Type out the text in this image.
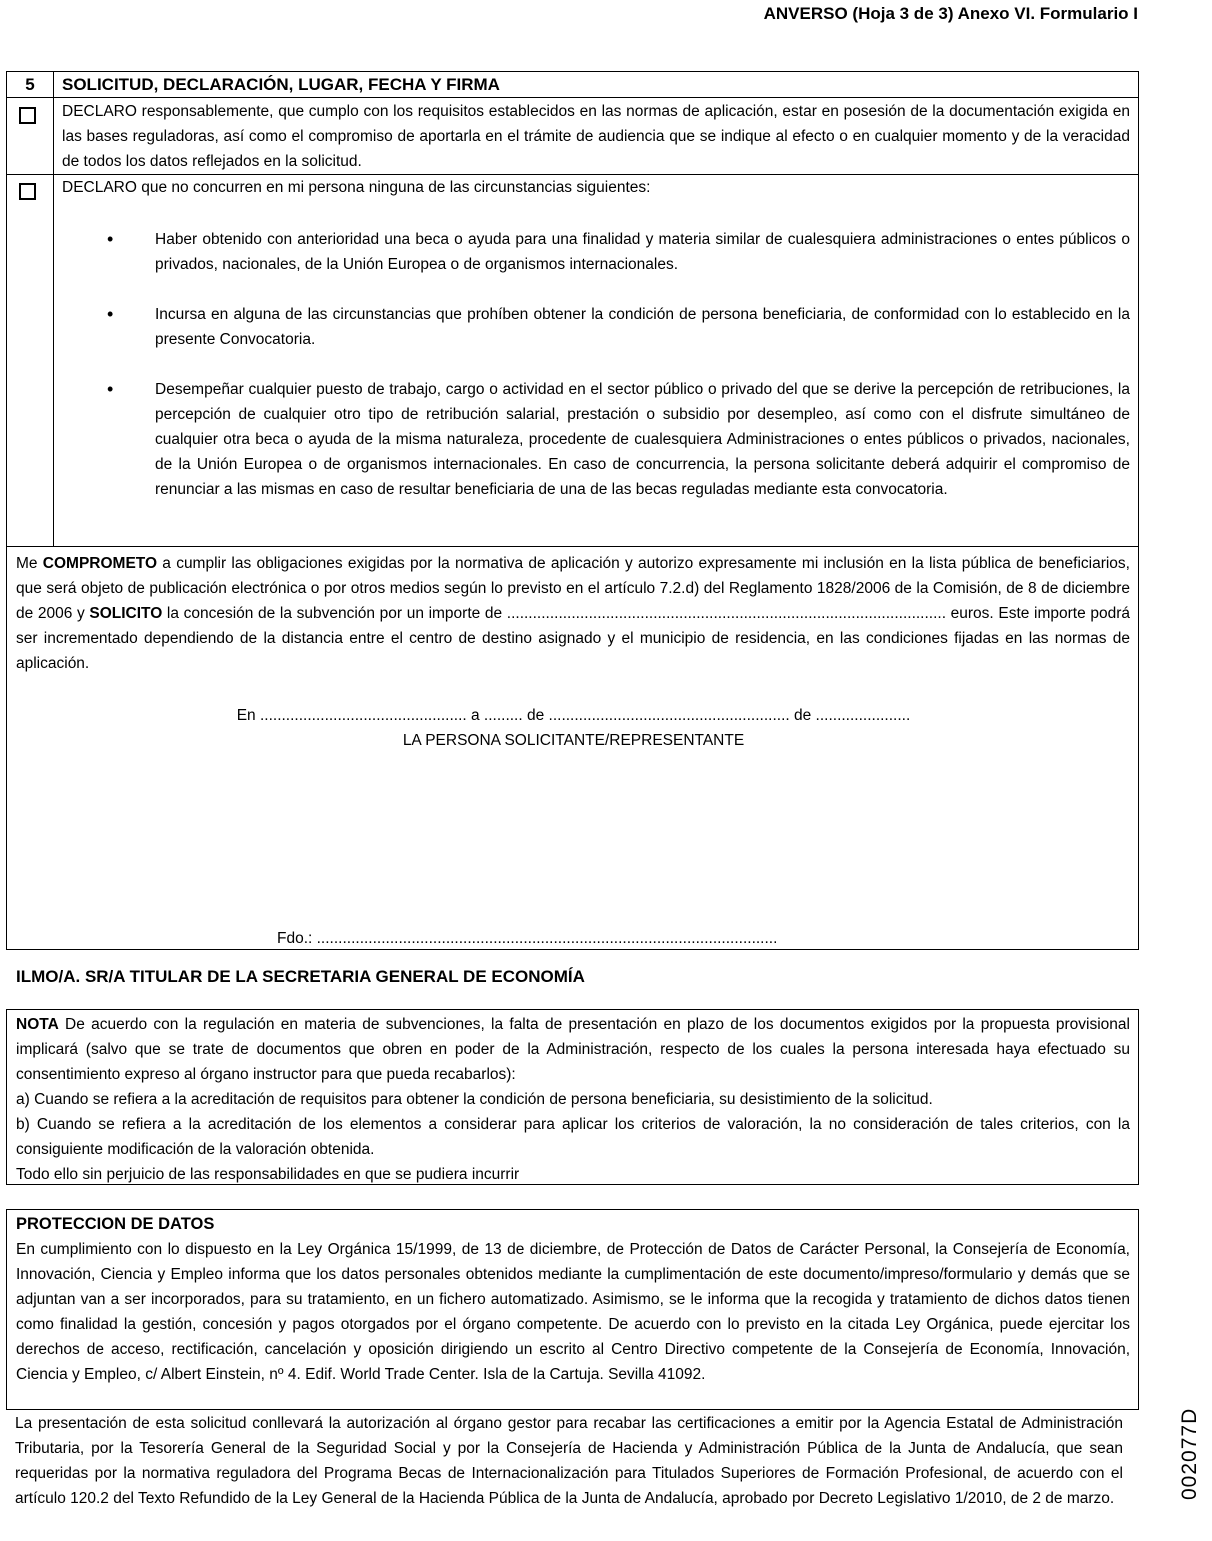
ANVERSO (Hoja 3 de 3) Anexo VI. Formulario I
5	SOLICITUD, DECLARACIÓN, LUGAR, FECHA Y FIRMA
DECLARO responsablemente, que cumplo con los requisitos establecidos en las normas de aplicación, estar en posesión de la documentación exigida en las bases reguladoras, así como el compromiso de aportarla en el trámite de audiencia que se indique al efecto o en cualquier momento y de la veracidad de todos los datos reflejados en la solicitud.
DECLARO que no concurren en mi persona ninguna de las circunstancias siguientes:
•	Haber obtenido con anterioridad una beca o ayuda para una finalidad y materia similar de cualesquiera administraciones o entes públicos o privados, nacionales, de la Unión Europea o de organismos internacionales.
•	Incursa en alguna de las circunstancias que prohíben obtener la condición de persona beneficiaria, de conformidad con lo establecido en la presente Convocatoria.
•	Desempeñar cualquier puesto de trabajo, cargo o actividad en el sector público o privado del que se derive la percepción de retribuciones, la percepción de cualquier otro tipo de retribución salarial, prestación o subsidio por desempleo, así como con el disfrute simultáneo de cualquier otra beca o ayuda de la misma naturaleza, procedente de cualesquiera Administraciones o entes públicos o privados, nacionales, de la Unión Europea o de organismos internacionales. En caso de concurrencia, la persona solicitante deberá adquirir el compromiso de renunciar a las mismas en caso de resultar beneficiaria de una de las becas reguladas mediante esta convocatoria.
Me COMPROMETO a cumplir las obligaciones exigidas por la normativa de aplicación y autorizo expresamente mi inclusión en la lista pública de beneficiarios, que será objeto de publicación electrónica o por otros medios según lo previsto en el artículo 7.2.d) del Reglamento 1828/2006 de la Comisión, de 8 de diciembre de 2006 y SOLICITO la concesión de la subvención por un importe de ...................................................................................................... euros. Este importe podrá ser incrementado dependiendo de la distancia entre el centro de destino asignado y el municipio de residencia, en las condiciones fijadas en las normas de aplicación.
En ................................................ a ......... de ........................................................ de ......................
LA PERSONA SOLICITANTE/REPRESENTANTE
Fdo.: ...........................................................................................................
ILMO/A. SR/A TITULAR DE LA SECRETARIA GENERAL DE ECONOMÍA
NOTA De acuerdo con la regulación en materia de subvenciones, la falta de presentación en plazo de los documentos exigidos por la propuesta provisional implicará (salvo que se trate de documentos que obren en poder de la Administración, respecto de los cuales la persona interesada haya efectuado su consentimiento expreso al órgano instructor para que pueda recabarlos):
a) Cuando se refiera a la acreditación de requisitos para obtener la condición de persona beneficiaria, su desistimiento de la solicitud.
b) Cuando se refiera a la acreditación de los elementos a considerar para aplicar los criterios de valoración, la no consideración de tales criterios, con la consiguiente modificación de la valoración obtenida.
Todo ello sin perjuicio de las responsabilidades en que se pudiera incurrir
PROTECCION DE DATOS
En cumplimiento con lo dispuesto en la Ley Orgánica 15/1999, de 13 de diciembre, de Protección de Datos de Carácter Personal, la Consejería de Economía, Innovación, Ciencia y Empleo informa que los datos personales obtenidos mediante la cumplimentación de este documento/impreso/formulario y demás que se adjuntan van a ser incorporados, para su tratamiento, en un fichero automatizado. Asimismo, se le informa que la recogida y tratamiento de dichos datos tienen como finalidad la gestión, concesión y pagos otorgados por el órgano competente. De acuerdo con lo previsto en la citada Ley Orgánica, puede ejercitar los derechos de acceso, rectificación, cancelación y oposición dirigiendo un escrito al Centro Directivo competente de la Consejería de Economía, Innovación, Ciencia y Empleo, c/ Albert Einstein, nº 4. Edif. World Trade Center. Isla de la Cartuja. Sevilla 41092.
La presentación de esta solicitud conllevará la autorización al órgano gestor para recabar las certificaciones a emitir por la Agencia Estatal de Administración Tributaria, por la Tesorería General de la Seguridad Social y por la Consejería de Hacienda y Administración Pública de la Junta de Andalucía, que sean requeridas por la normativa reguladora del Programa Becas de Internacionalización para Titulados Superiores de Formación Profesional, de acuerdo con el artículo 120.2 del Texto Refundido de la Ley General de la Hacienda Pública de la Junta de Andalucía, aprobado por Decreto Legislativo 1/2010, de 2 de marzo.	002077D
